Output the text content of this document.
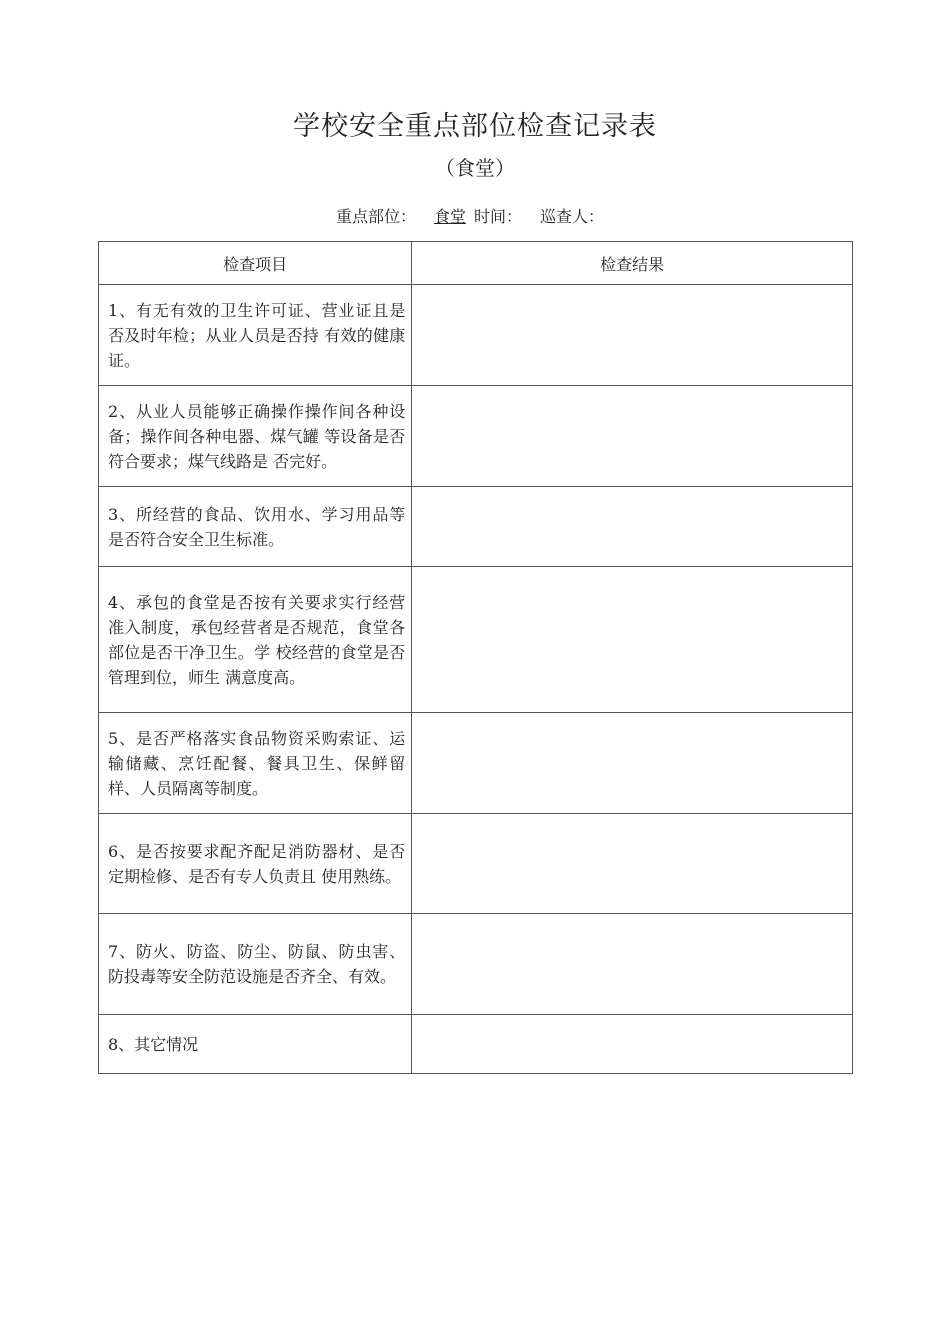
学校安全重点部位检查记录表
（食堂）
重点部位： 食堂 时间： 巡查人：
检查项目	检查结果
1、有无有效的卫生许可证、营业证且是否及时年检；从业人员是否持 有效的健康证。	
2、从业人员能够正确操作操作间各种设备；操作间各种电器、煤气罐 等设备是否符合要求；煤气线路是 否完好。	
3、所经营的食品、饮用水、学习用品等是否符合安全卫生标准。	
4、承包的食堂是否按有关要求实行经营准入制度，承包经营者是否规范，食堂各部位是否干净卫生。学 校经营的食堂是否管理到位，师生 满意度高。	
5、是否严格落实食品物资采购索证、运输储藏、烹饪配餐、餐具卫生、保鲜留样、人员隔离等制度。	
6、是否按要求配齐配足消防器材、是否定期检修、是否有专人负责且 使用熟练。	
7、防火、防盗、防尘、防鼠、防虫害、防投毒等安全防范设施是否齐全、有效。	
8、其它情况	
